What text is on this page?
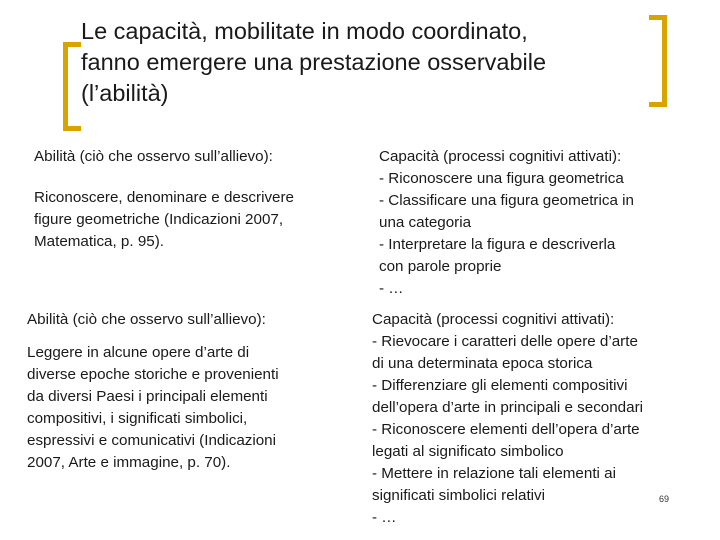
Le capacità, mobilitate in modo coordinato,
fanno emergere una prestazione osservabile
(l’abilità)

Abilità (ciò che osservo sull’allievo):

Riconoscere, denominare e descrivere
figure geometriche (Indicazioni 2007,
Matematica, p. 95).

Capacità (processi cognitivi attivati):
- Riconoscere una figura geometrica
- Classificare una figura geometrica in
una categoria
- Interpretare la figura e descriverla
con parole proprie
- …

Abilità (ciò che osservo sull’allievo):

Leggere in alcune opere d’arte di
diverse epoche storiche e provenienti
da diversi Paesi i principali elementi
compositivi, i significati simbolici,
espressivi e comunicativi (Indicazioni
2007, Arte e immagine, p. 70).

Capacità (processi cognitivi attivati):
- Rievocare i caratteri delle opere d’arte
di una determinata epoca storica
- Differenziare gli elementi compositivi
dell’opera d’arte in principali e secondari
- Riconoscere elementi dell’opera d’arte
legati al significato simbolico
- Mettere in relazione tali elementi ai
significati simbolici relativi
- …

69
